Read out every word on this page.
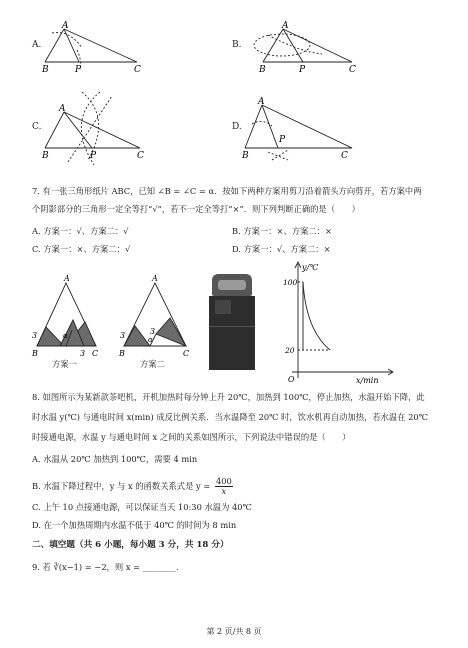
A.
A
B	P	C
A
B	P	C
B.
C.
A
B	P	C
A
B
P
C
D.
7. 有一张三角形纸片 ABC，已知 ∠B = ∠C = α．按如下两种方案用剪刀沿着箭头方向剪开，若方案中两
个阴影部分的三角形一定全等打“√”，若不一定全等打“×”．则下列判断正确的是（　　）
A. 方案一：√、方案二：√	B. 方案一：×、方案二：×
C. 方案一：×、方案二：√	D. 方案一：√、方案二：×
A
B	C
3
3
α
A
B	C
3	3
α
方案一	方案二
y/℃
x/min
100
20
O
8. 如图所示为某新款茶吧机，开机加热时每分钟上升 20℃，加热到 100℃，停止加热，水温开始下降，此
时水温 y(℃) 与通电时间 x(min) 成反比例关系．当水温降至 20℃ 时，饮水机再自动加热，若水温在 20℃
时接通电源，水温 y 与通电时间 x 之间的关系如图所示，下列说法中错误的是（　　）
A. 水温从 20℃ 加热到 100℃，需要 4 min
B. 水温下降过程中，y 与 x 的函数关系式是 $y = \frac{400}{x}$
C. 上午 10 点接通电源，可以保证当天 10:30 水温为 40℃
D. 在一个加热周期内水温不低于 40℃ 的时间为 8 min
二、填空题（共 6 小题，每小题 3 分，共 18 分）
9. 若 ∛(x−1) = −2，则 x = ________．
第 2 页/共 8 页
